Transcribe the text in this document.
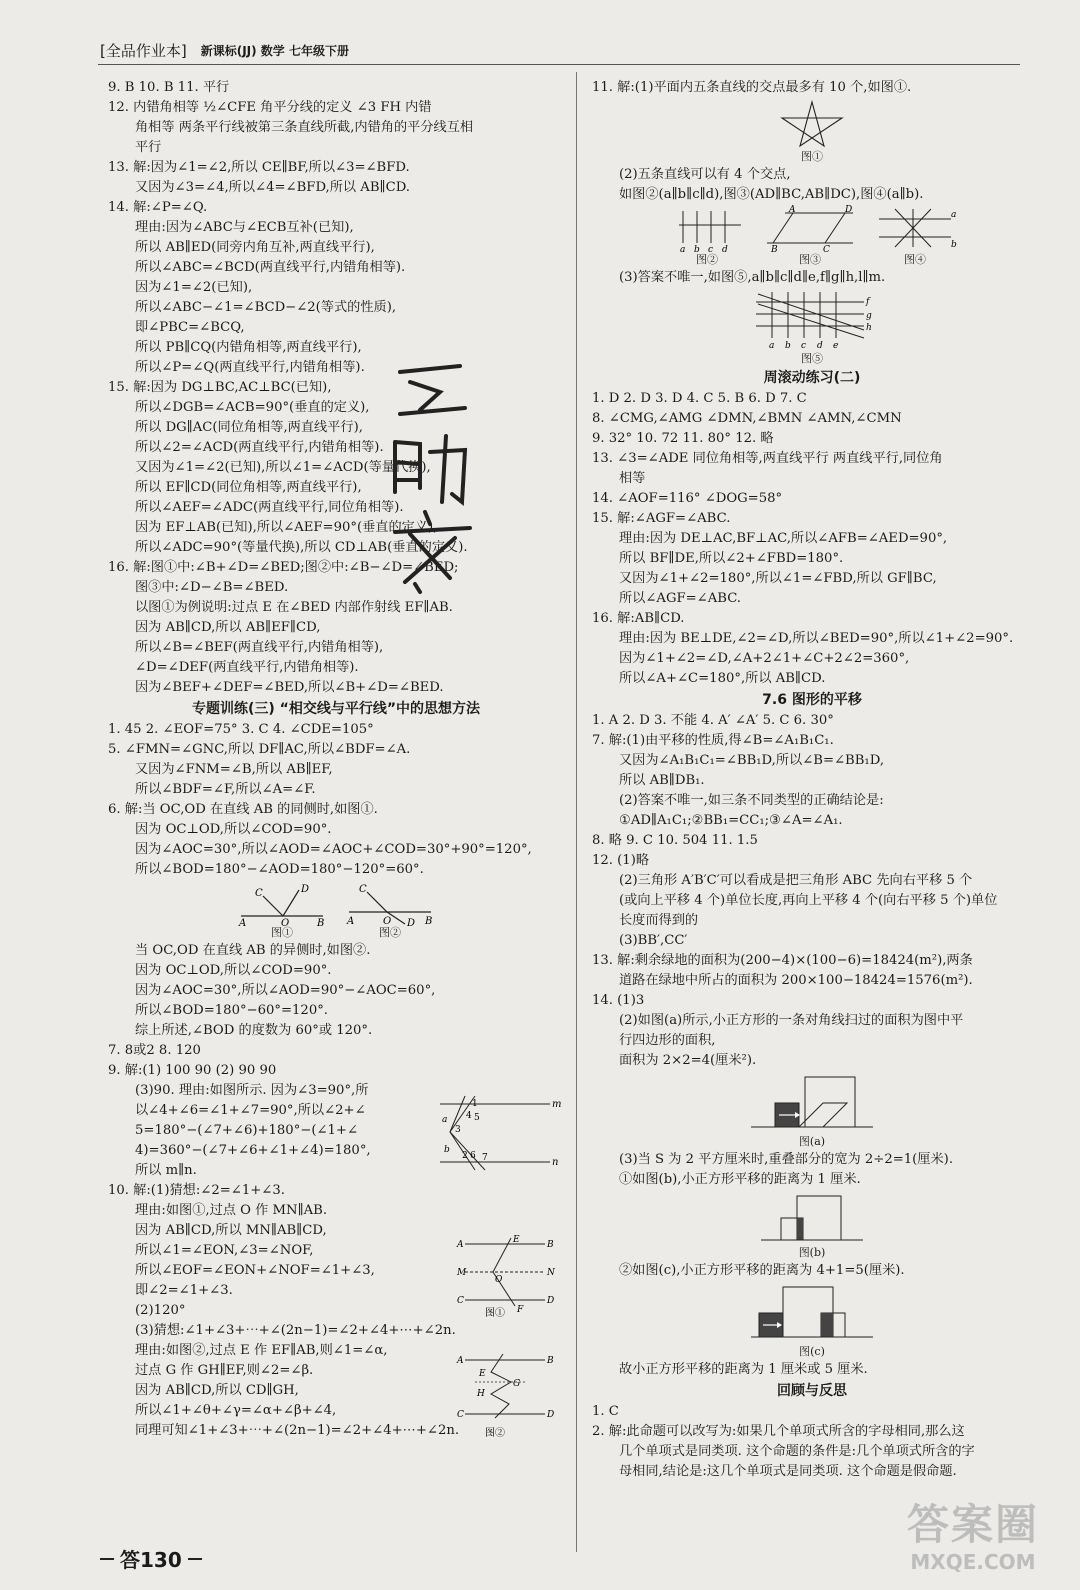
[全品作业本] 新课标(JJ) 数学 七年级下册
9. B 10. B 11. 平行
12. 内错角相等 ½∠CFE 角平分线的定义 ∠3 FH 内错
角相等 两条平行线被第三条直线所截,内错角的平分线互相
平行
13. 解:因为∠1=∠2,所以 CE∥BF,所以∠3=∠BFD.
又因为∠3=∠4,所以∠4=∠BFD,所以 AB∥CD.
14. 解:∠P=∠Q.
理由:因为∠ABC与∠ECB互补(已知),
所以 AB∥ED(同旁内角互补,两直线平行),
所以∠ABC=∠BCD(两直线平行,内错角相等).
因为∠1=∠2(已知),
所以∠ABC−∠1=∠BCD−∠2(等式的性质),
即∠PBC=∠BCQ,
所以 PB∥CQ(内错角相等,两直线平行),
所以∠P=∠Q(两直线平行,内错角相等).
15. 解:因为 DG⊥BC,AC⊥BC(已知),
所以∠DGB=∠ACB=90°(垂直的定义),
所以 DG∥AC(同位角相等,两直线平行),
所以∠2=∠ACD(两直线平行,内错角相等).
又因为∠1=∠2(已知),所以∠1=∠ACD(等量代换),
所以 EF∥CD(同位角相等,两直线平行),
所以∠AEF=∠ADC(两直线平行,同位角相等).
因为 EF⊥AB(已知),所以∠AEF=90°(垂直的定义),
所以∠ADC=90°(等量代换),所以 CD⊥AB(垂直的定义).
16. 解:图①中:∠B+∠D=∠BED;图②中:∠B−∠D=∠BED;
图③中:∠D−∠B=∠BED.
以图①为例说明:过点 E 在∠BED 内部作射线 EF∥AB.
因为 AB∥CD,所以 AB∥EF∥CD,
所以∠B=∠BEF(两直线平行,内错角相等),
∠D=∠DEF(两直线平行,内错角相等).
因为∠BEF+∠DEF=∠BED,所以∠B+∠D=∠BED.
专题训练(三) “相交线与平行线”中的思想方法
1. 45 2. ∠EOF=75° 3. C 4. ∠CDE=105°
5. ∠FMN=∠GNC,所以 DF∥AC,所以∠BDF=∠A.
又因为∠FNM=∠B,所以 AB∥EF,
所以∠BDF=∠F,所以∠A=∠F.
6. 解:当 OC,OD 在直线 AB 的同侧时,如图①.
因为 OC⊥OD,所以∠COD=90°.
因为∠AOC=30°,所以∠AOD=∠AOC+∠COD=30°+90°=120°,
所以∠BOD=180°−∠AOD=180°−120°=60°.
C	D
A	O	B
图①
C
D
A	O	B
图②
当 OC,OD 在直线 AB 的异侧时,如图②.
因为 OC⊥OD,所以∠COD=90°.
因为∠AOC=30°,所以∠AOD=90°−∠AOC=60°,
所以∠BOD=180°−60°=120°.
综上所述,∠BOD 的度数为 60°或 120°.
7. 8或2 8. 120
9. 解:(1) 100 90 (2) 90 90
(3)90. 理由:如图所示. 因为∠3=90°,所
以∠4+∠6=∠1+∠7=90°,所以∠2+∠
5=180°−(∠7+∠6)+180°−(∠1+∠
4)=360°−(∠7+∠6+∠1+∠4)=180°,
所以 m∥n.
10. 解:(1)猜想:∠2=∠1+∠3.
理由:如图①,过点 O 作 MN∥AB.
因为 AB∥CD,所以 MN∥AB∥CD,
所以∠1=∠EON,∠3=∠NOF,
所以∠EOF=∠EON+∠NOF=∠1+∠3,
即∠2=∠1+∠3.
(2)120°
(3)猜想:∠1+∠3+⋯+∠(2n−1)=∠2+∠4+⋯+∠2n.
理由:如图②,过点 E 作 EF∥AB,则∠1=∠α,
过点 G 作 GH∥EF,则∠2=∠β.
因为 AB∥CD,所以 CD∥GH,
所以∠1+∠θ+∠γ=∠α+∠β+∠4,
同理可知∠1+∠3+⋯+∠(2n−1)=∠2+∠4+⋯+∠2n.
m
n
a
b
3
1
4 5
6 7
2
A	B
M	N
C	D
E
F
O
图①
A	B
C	D
E
H
G
图②
11. 解:(1)平面内五条直线的交点最多有 10 个,如图①.
图①
(2)五条直线可以有 4 个交点,
如图②(a∥b∥c∥d),图③(AD∥BC,AB∥DC),图④(a∥b).
a b c d
图②
A	D
B	C
图③
a
b
图④
(3)答案不唯一,如图⑤,a∥b∥c∥d∥e,f∥g∥h,l∥m.
f
g
h
a b c d e
图⑤
周滚动练习(二)
1. D 2. D 3. D 4. C 5. B 6. D 7. C
8. ∠CMG,∠AMG ∠DMN,∠BMN ∠AMN,∠CMN
9. 32° 10. 72 11. 80° 12. 略
13. ∠3=∠ADE 同位角相等,两直线平行 两直线平行,同位角
相等
14. ∠AOF=116° ∠DOG=58°
15. 解:∠AGF=∠ABC.
理由:因为 DE⊥AC,BF⊥AC,所以∠AFB=∠AED=90°,
所以 BF∥DE,所以∠2+∠FBD=180°.
又因为∠1+∠2=180°,所以∠1=∠FBD,所以 GF∥BC,
所以∠AGF=∠ABC.
16. 解:AB∥CD.
理由:因为 BE⊥DE,∠2=∠D,所以∠BED=90°,所以∠1+∠2=90°.
因为∠1+∠2=∠D,∠A+2∠1+∠C+2∠2=360°,
所以∠A+∠C=180°,所以 AB∥CD.
7.6 图形的平移
1. A 2. D 3. 不能 4. A′ ∠A′ 5. C 6. 30°
7. 解:(1)由平移的性质,得∠B=∠A₁B₁C₁.
又因为∠A₁B₁C₁=∠BB₁D,所以∠B=∠BB₁D,
所以 AB∥DB₁.
(2)答案不唯一,如三条不同类型的正确结论是:
①AD∥A₁C₁;②BB₁=CC₁;③∠A=∠A₁.
8. 略 9. C 10. 504 11. 1.5
12. (1)略
(2)三角形 A′B′C′可以看成是把三角形 ABC 先向右平移 5 个
(或向上平移 4 个)单位长度,再向上平移 4 个(向右平移 5 个)单位
长度而得到的
(3)BB′,CC′
13. 解:剩余绿地的面积为(200−4)×(100−6)=18424(m²),两条
道路在绿地中所占的面积为 200×100−18424=1576(m²).
14. (1)3
(2)如图(a)所示,小正方形的一条对角线扫过的面积为图中平
行四边形的面积,
面积为 2×2=4(厘米²).
图(a)
(3)当 S 为 2 平方厘米时,重叠部分的宽为 2÷2=1(厘米).
①如图(b),小正方形平移的距离为 1 厘米.
图(b)
②如图(c),小正方形平移的距离为 4+1=5(厘米).
图(c)
故小正方形平移的距离为 1 厘米或 5 厘米.
回顾与反思
1. C
2. 解:此命题可以改写为:如果几个单项式所含的字母相同,那么这
几个单项式是同类项. 这个命题的条件是:几个单项式所含的字
母相同,结论是:这几个单项式是同类项. 这个命题是假命题.
答130
答案圈
MXQE.COM
